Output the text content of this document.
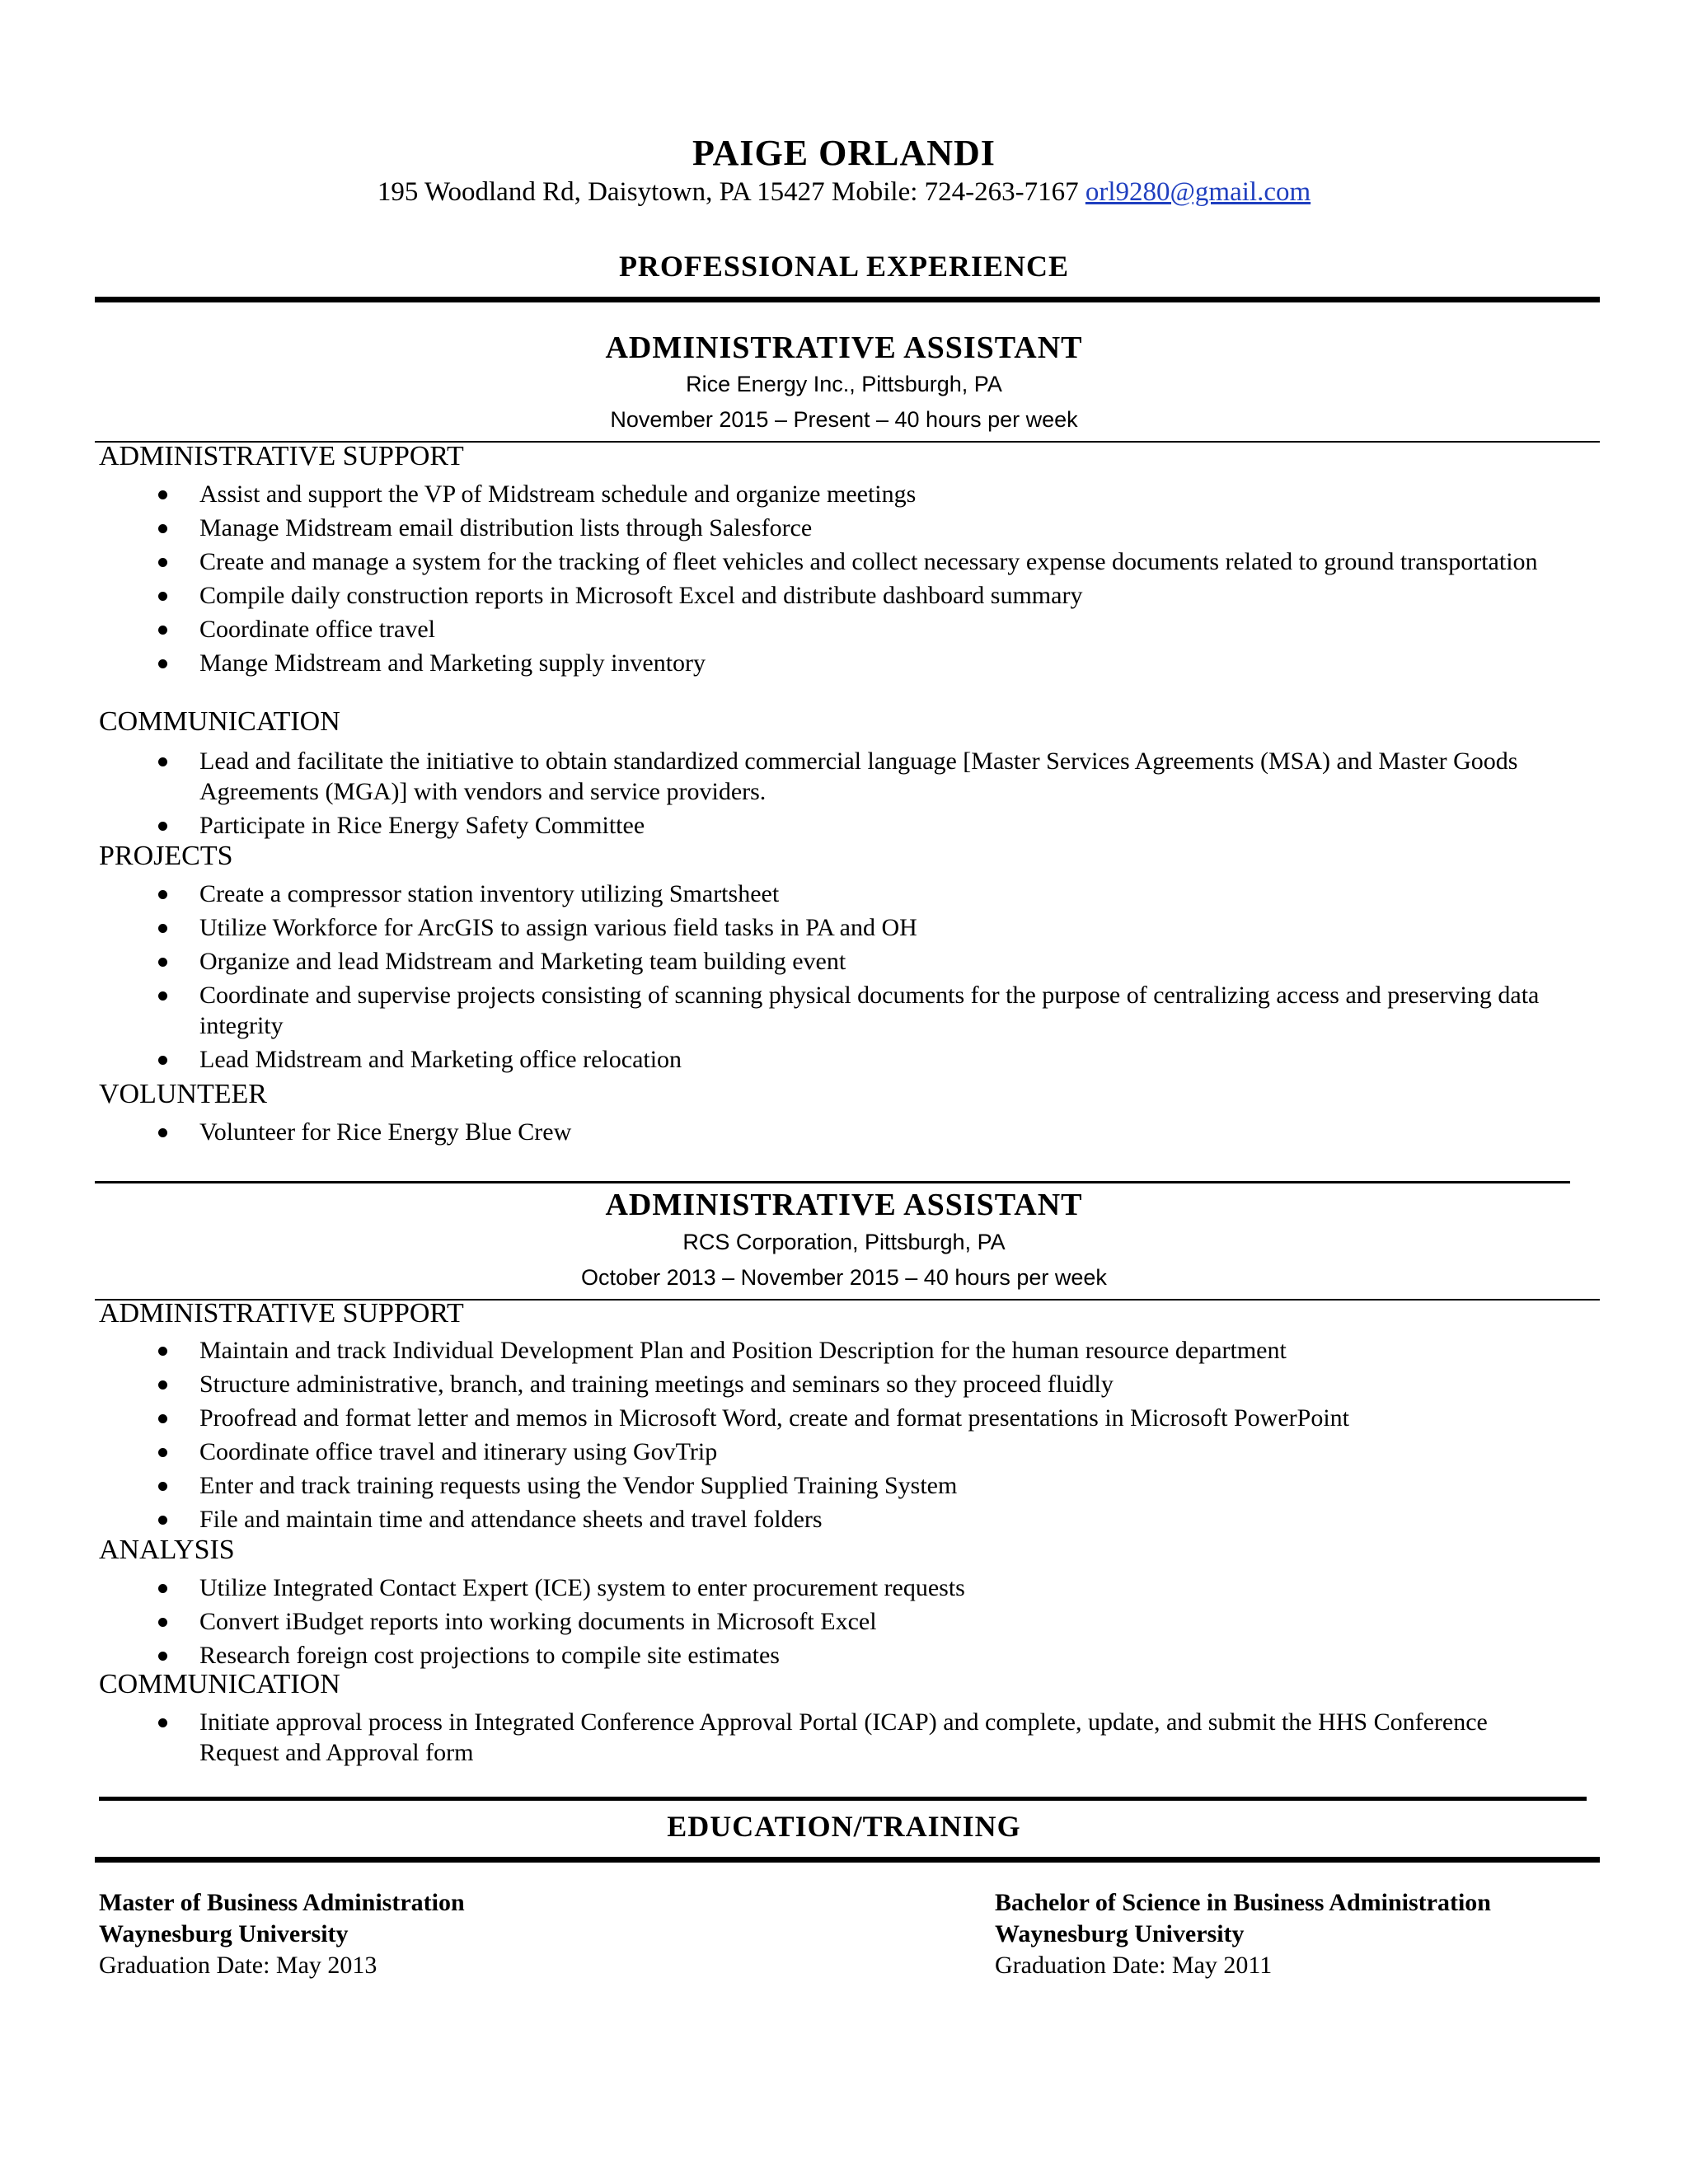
PAIGE ORLANDI
195 Woodland Rd, Daisytown, PA 15427 Mobile: 724-263-7167 orl9280@gmail.com
PROFESSIONAL EXPERIENCE
ADMINISTRATIVE ASSISTANT
Rice Energy Inc., Pittsburgh, PA
November 2015 – Present – 40 hours per week
ADMINISTRATIVE SUPPORT
Assist and support the VP of Midstream schedule and organize meetings
Manage Midstream email distribution lists through Salesforce
Create and manage a system for the tracking of fleet vehicles and collect necessary expense documents related to ground transportation
Compile daily construction reports in Microsoft Excel and distribute dashboard summary
Coordinate office travel
Mange Midstream and Marketing supply inventory
COMMUNICATION
Lead and facilitate the initiative to obtain standardized commercial language [Master Services Agreements (MSA) and Master Goods Agreements (MGA)] with vendors and service providers.
Participate in Rice Energy Safety Committee
PROJECTS
Create a compressor station inventory utilizing Smartsheet
Utilize Workforce for ArcGIS to assign various field tasks in PA and OH
Organize and lead Midstream and Marketing team building event
Coordinate and supervise projects consisting of scanning physical documents for the purpose of centralizing access and preserving data integrity
Lead Midstream and Marketing office relocation
VOLUNTEER
Volunteer for Rice Energy Blue Crew
ADMINISTRATIVE ASSISTANT
RCS Corporation, Pittsburgh, PA
October 2013 – November 2015 – 40 hours per week
ADMINISTRATIVE SUPPORT
Maintain and track Individual Development Plan and Position Description for the human resource department
Structure administrative, branch, and training meetings and seminars so they proceed fluidly
Proofread and format letter and memos in Microsoft Word, create and format presentations in Microsoft PowerPoint
Coordinate office travel and itinerary using GovTrip
Enter and track training requests using the Vendor Supplied Training System
File and maintain time and attendance sheets and travel folders
ANALYSIS
Utilize Integrated Contact Expert (ICE) system to enter procurement requests
Convert iBudget reports into working documents in Microsoft Excel
Research foreign cost projections to compile site estimates
COMMUNICATION
Initiate approval process in Integrated Conference Approval Portal (ICAP) and complete, update, and submit the HHS Conference Request and Approval form
EDUCATION/TRAINING
Master of Business Administration
Waynesburg University
Graduation Date: May 2013
Bachelor of Science in Business Administration
Waynesburg University
Graduation Date: May 2011
